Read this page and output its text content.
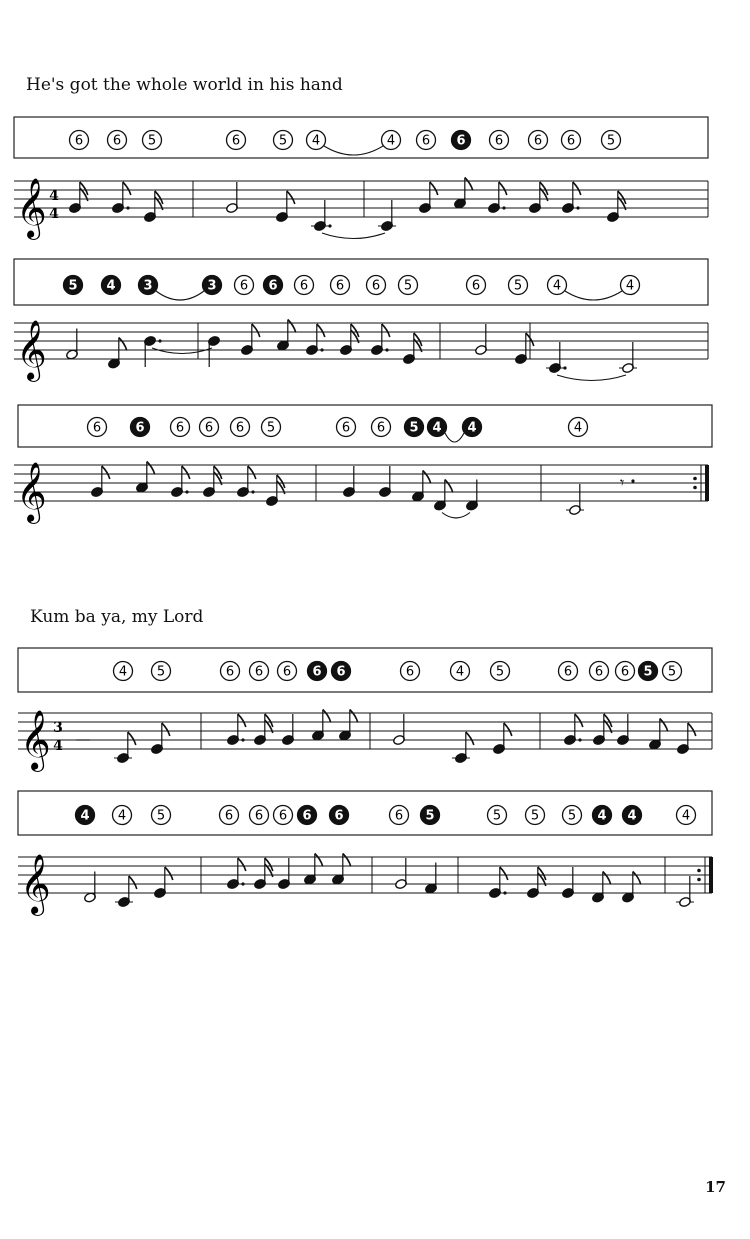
He's got the whole world in his hand
Kum ba ya, my Lord
17
6 6 5	6	5 4	4 6 6 6 6 6 5
5 4 3	3 6 6 6 6 6 5	6	5 4	4
6	6 6 6 6 5	6 6 5 4 4	4
4 5	6 6 6 6 6	6	4 5	6 6 6 5 5
4 4 5	6 6 6 6 6	6 5	5 5 5 4 4	4
𝄞 4
4
𝄞
𝄞
𝄞 3
4
𝄞
𝄾
